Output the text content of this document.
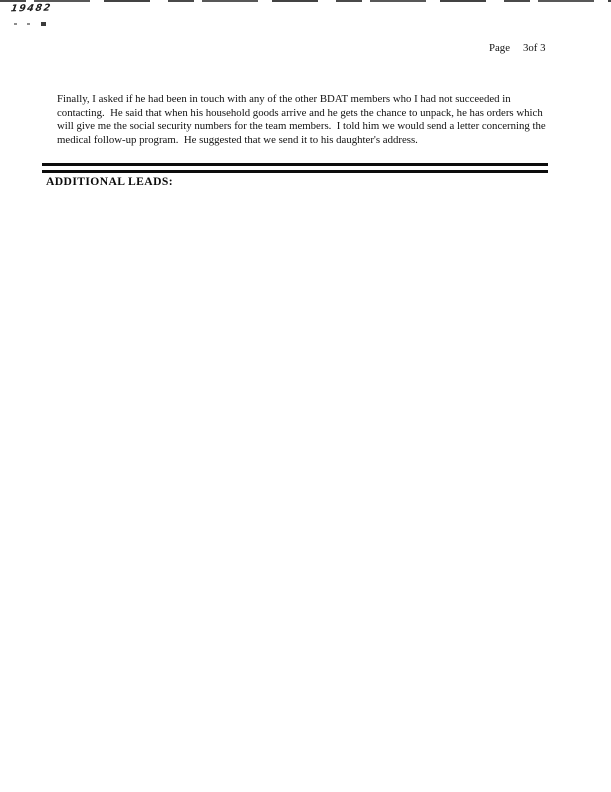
19482
Page 3of 3
Finally, I asked if he had been in touch with any of the other BDAT members who I had not succeeded in
contacting.  He said that when his household goods arrive and he gets the chance to unpack, he has orders which
will give me the social security numbers for the team members.  I told him we would send a letter concerning the
medical follow-up program.  He suggested that we send it to his daughter's address.
ADDITIONAL LEADS:
